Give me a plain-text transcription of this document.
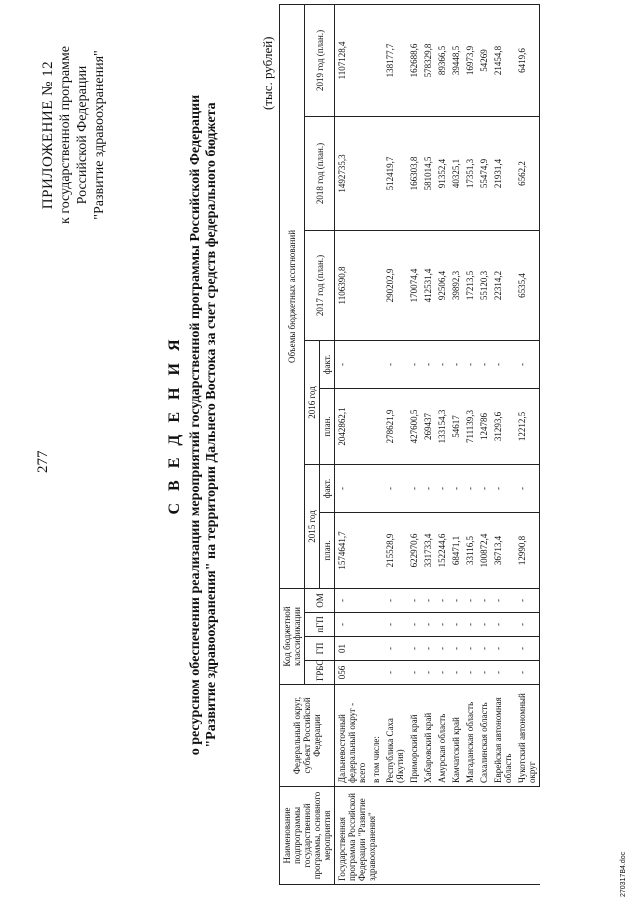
270317B4.doc
277
ПРИЛОЖЕНИЕ № 12 к государственной программе Российской Федерации "Развитие здравоохранения"
С В Е Д Е Н И Я о ресурсном обеспечении реализации мероприятий государственной программы Российской Федерации "Развитие здравоохранения" на территории Дальнего Востока за счет средств федерального бюджета
(тыс. рублей)
Наименование подпрограммы государственной программы, основного мероприятия	Федеральный округ, субъект Российской Федерации	Код бюджетной классификации				Объемы бюджетных ассигнований						
		ГРБС	ГП	пГП	ОМ	2015 год		2016 год		2017 год (план.)	2018 год (план.)	2019 год (план.)
						план.	факт.	план.	факт.			
Государственная программа Российской Федерации "Развитие здравоохранения"	Дальневосточный федеральный округ - всего	056	01	-	-	1574641,7	-	2042862,1	-	1106390,8	1492735,3	1107128,4
	в том числе:											
	Республика Саха (Якутия)	-	-	-	-	215528,9	-	278621,9	-	290202,9	512419,7	138177,7
	Приморский край	-	-	-	-	622970,6	-	427600,5	-	170074,4	166303,8	162688,6
	Хабаровский край	-	-	-	-	331733,4	-	269437	-	412531,4	581014,5	578329,8
	Амурская область	-	-	-	-	152244,6	-	133154,3	-	92506,4	91352,4	89366,5
	Камчатский край	-	-	-	-	68471,1	-	54617	-	39892,3	40325,1	39448,5
	Магаданская область	-	-	-	-	33116,5	-	711139,3	-	17213,5	17351,3	16973,9
	Сахалинская область	-	-	-	-	100872,4	-	124786	-	55120,3	55474,9	54269
	Еврейская автономная область	-	-	-	-	36713,4	-	31293,6	-	22314,2	21931,4	21454,8
	Чукотский автономный округ	-	-	-	-	12990,8	-	12212,5	-	6535,4	6562,2	6419,6
